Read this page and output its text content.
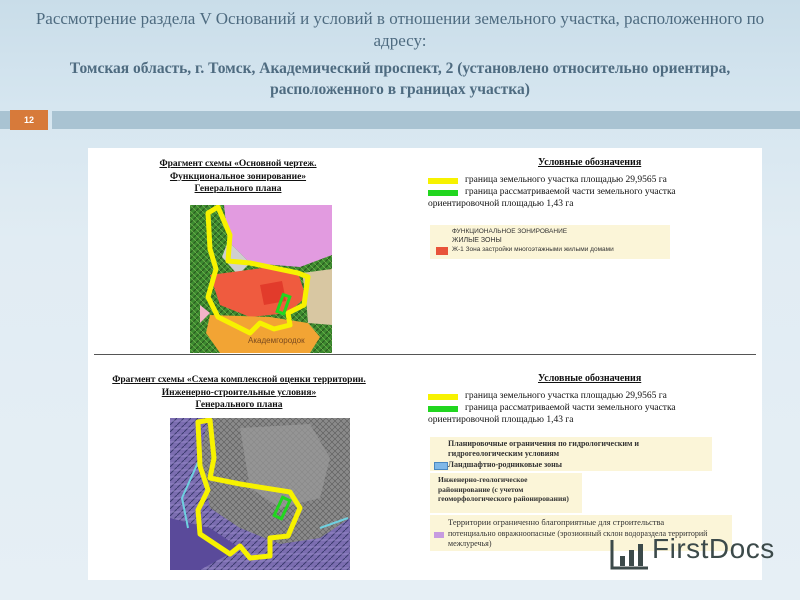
Рассмотрение раздела V Оснований и условий в отношении земельного участка, расположенного по адресу:
Томская область, г. Томск, Академический проспект, 2 (установлено относительно ориентира, расположенного в границах участка)
12
Фрагмент схемы «Основной чертеж.
Функциональное зонирование»
Генерального плана
Академгородок
Условные обозначения
граница земельного участка площадью 29,9565 га
граница рассматриваемой части земельного участка
ориентировочной площадью 1,43 га
ФУНКЦИОНАЛЬНОЕ ЗОНИРОВАНИЕ
ЖИЛЫЕ ЗОНЫ
Ж-1 Зона застройки многоэтажными жилыми домами
Фрагмент схемы «Схема комплексной оценки территории.
Инженерно-строительные условия»
Генерального плана
Условные обозначения
граница земельного участка площадью 29,9565 га
граница рассматриваемой части земельного участка
ориентировочной площадью 1,43 га
Планировочные ограничения по гидрологическим и гидрогеологическим условиям
Ландшафтно-родниковые зоны
Инженерно-геологическое районирование (с учетом геоморфологического районирования)
Территории ограниченно благоприятные для строительства
потенциально овражноопасные (эрозионный склон водораздела территорий межлуречья)	FirstDocs
